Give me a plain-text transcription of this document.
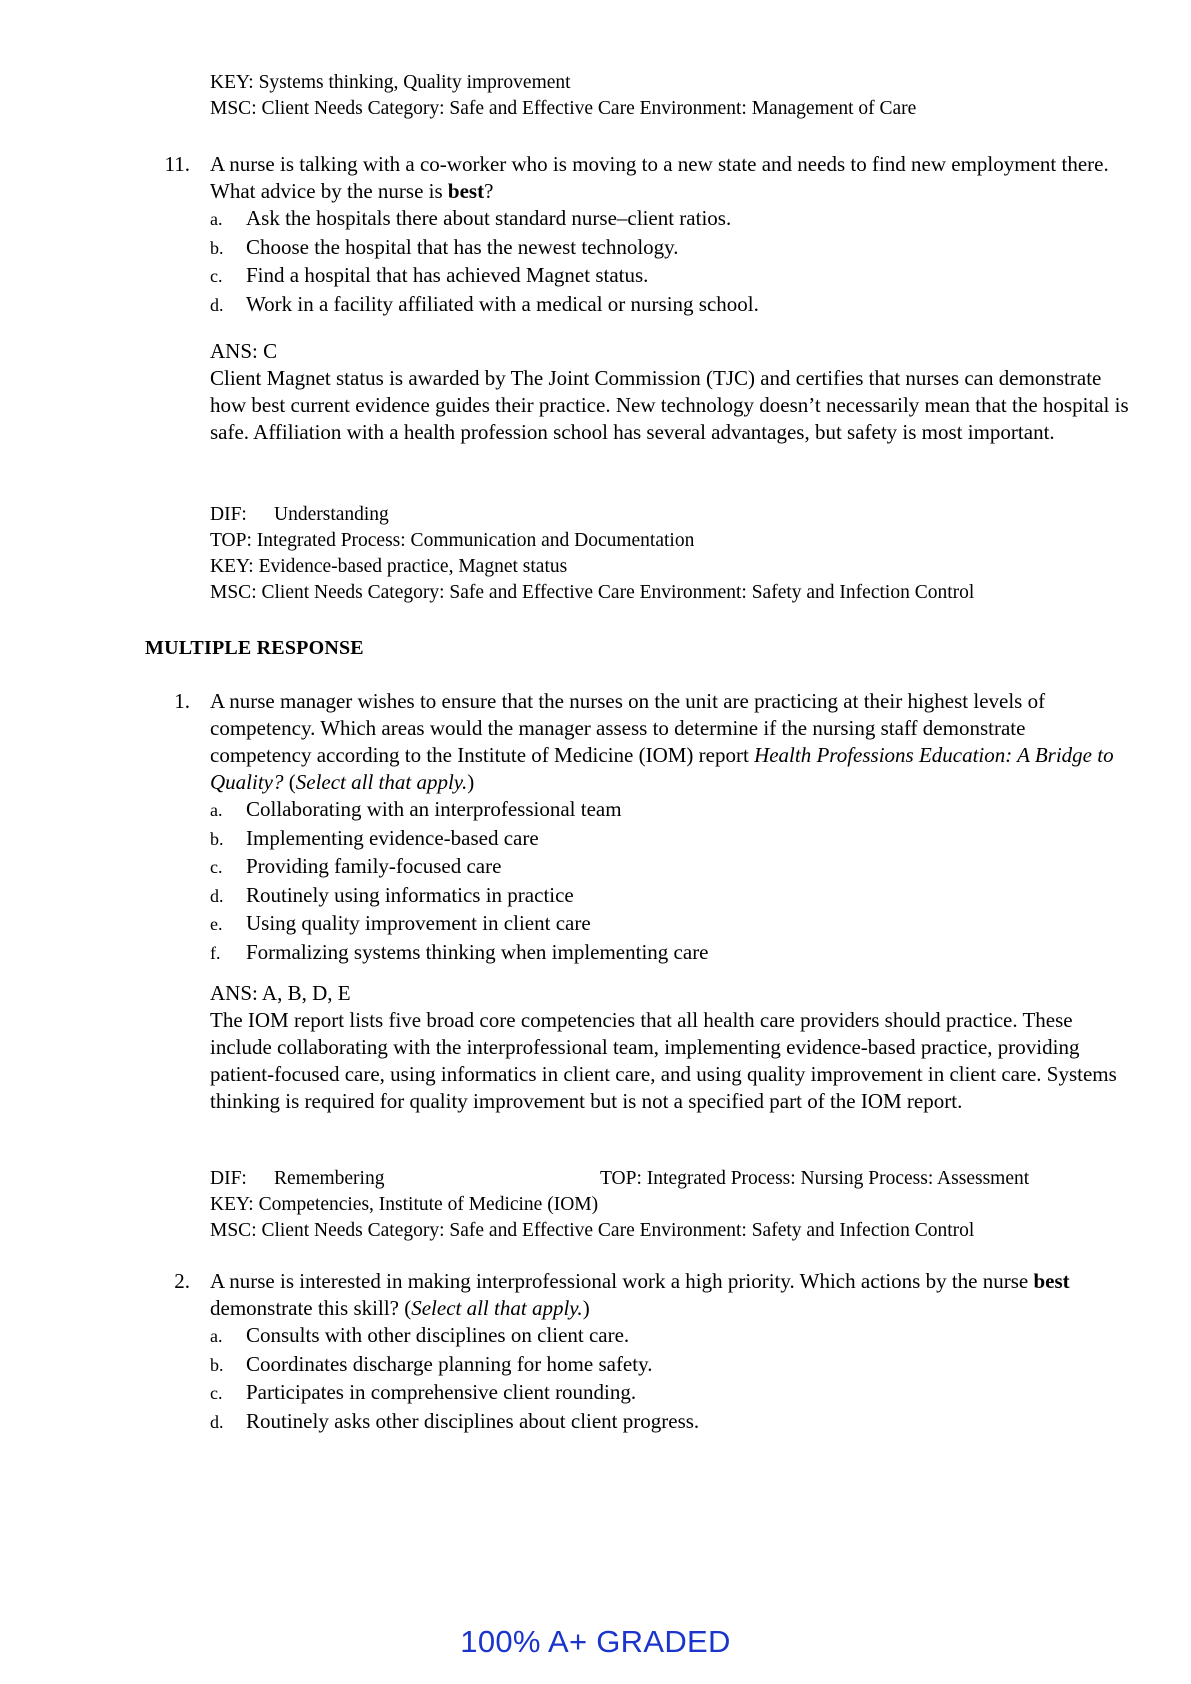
KEY: Systems thinking, Quality improvement
MSC: Client Needs Category: Safe and Effective Care Environment: Management of Care
11. A nurse is talking with a co-worker who is moving to a new state and needs to find new employment there. What advice by the nurse is best?
a. Ask the hospitals there about standard nurse–client ratios.
b. Choose the hospital that has the newest technology.
c. Find a hospital that has achieved Magnet status.
d. Work in a facility affiliated with a medical or nursing school.
ANS: C
Client Magnet status is awarded by The Joint Commission (TJC) and certifies that nurses can demonstrate how best current evidence guides their practice. New technology doesn’t necessarily mean that the hospital is safe. Affiliation with a health profession school has several advantages, but safety is most important.
DIF: Understanding
TOP: Integrated Process: Communication and Documentation
KEY: Evidence-based practice, Magnet status
MSC: Client Needs Category: Safe and Effective Care Environment: Safety and Infection Control
MULTIPLE RESPONSE
1. A nurse manager wishes to ensure that the nurses on the unit are practicing at their highest levels of competency. Which areas would the manager assess to determine if the nursing staff demonstrate competency according to the Institute of Medicine (IOM) report Health Professions Education: A Bridge to Quality? (Select all that apply.)
a. Collaborating with an interprofessional team
b. Implementing evidence-based care
c. Providing family-focused care
d. Routinely using informatics in practice
e. Using quality improvement in client care
f. Formalizing systems thinking when implementing care
ANS: A, B, D, E
The IOM report lists five broad core competencies that all health care providers should practice. These include collaborating with the interprofessional team, implementing evidence-based practice, providing patient-focused care, using informatics in client care, and using quality improvement in client care. Systems thinking is required for quality improvement but is not a specified part of the IOM report.
DIF: Remembering	TOP: Integrated Process: Nursing Process: Assessment
KEY: Competencies, Institute of Medicine (IOM)
MSC: Client Needs Category: Safe and Effective Care Environment: Safety and Infection Control
2. A nurse is interested in making interprofessional work a high priority. Which actions by the nurse best demonstrate this skill? (Select all that apply.)
a. Consults with other disciplines on client care.
b. Coordinates discharge planning for home safety.
c. Participates in comprehensive client rounding.
d. Routinely asks other disciplines about client progress.
100% A+ GRADED
